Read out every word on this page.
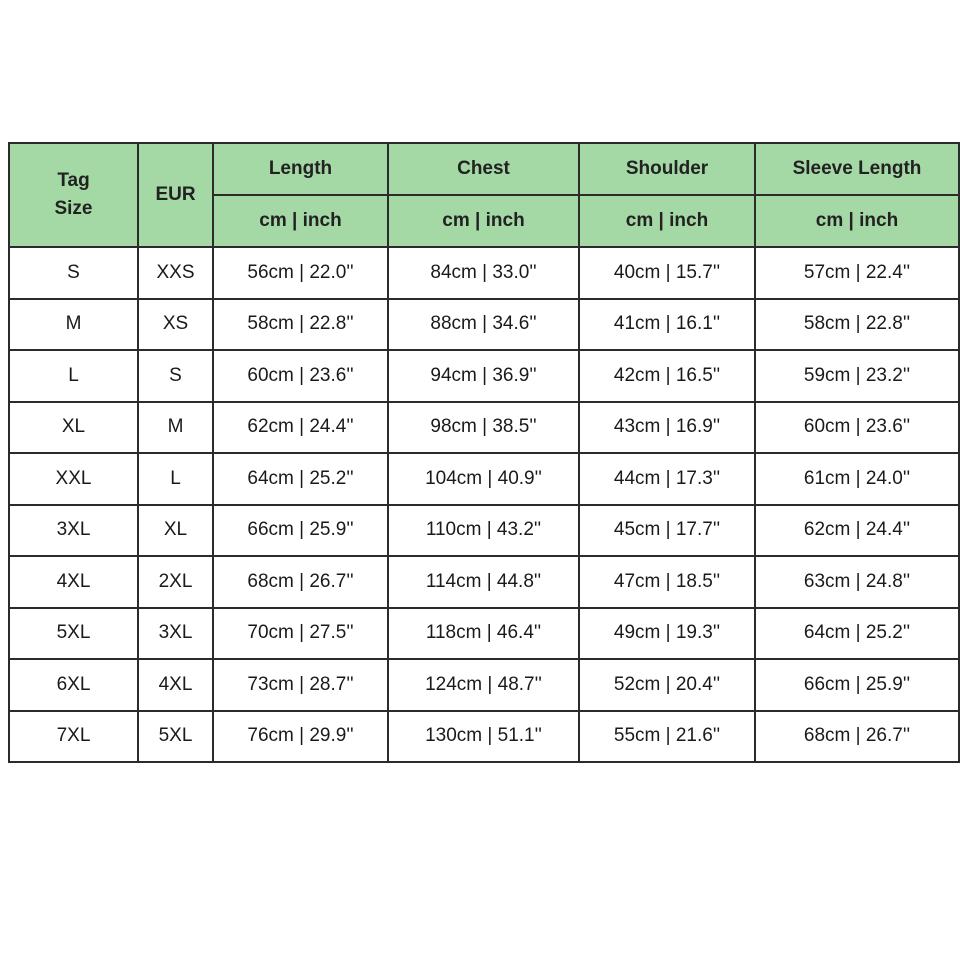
Tag
Size	EUR	Length	Chest	Shoulder	Sleeve Length
		cm | inch	cm | inch	cm | inch	cm | inch
S	XXS	56cm | 22.0''	84cm | 33.0''	40cm | 15.7''	57cm | 22.4''
M	XS	58cm | 22.8''	88cm | 34.6''	41cm | 16.1''	58cm | 22.8''
L	S	60cm | 23.6''	94cm | 36.9''	42cm | 16.5''	59cm | 23.2''
XL	M	62cm | 24.4''	98cm | 38.5''	43cm | 16.9''	60cm | 23.6''
XXL	L	64cm | 25.2''	104cm | 40.9''	44cm | 17.3''	61cm | 24.0''
3XL	XL	66cm | 25.9''	110cm | 43.2''	45cm | 17.7''	62cm | 24.4''
4XL	2XL	68cm | 26.7''	114cm | 44.8''	47cm | 18.5''	63cm | 24.8''
5XL	3XL	70cm | 27.5''	118cm | 46.4''	49cm | 19.3''	64cm | 25.2''
6XL	4XL	73cm | 28.7''	124cm | 48.7''	52cm | 20.4''	66cm | 25.9''
7XL	5XL	76cm | 29.9''	130cm | 51.1''	55cm | 21.6''	68cm | 26.7''
